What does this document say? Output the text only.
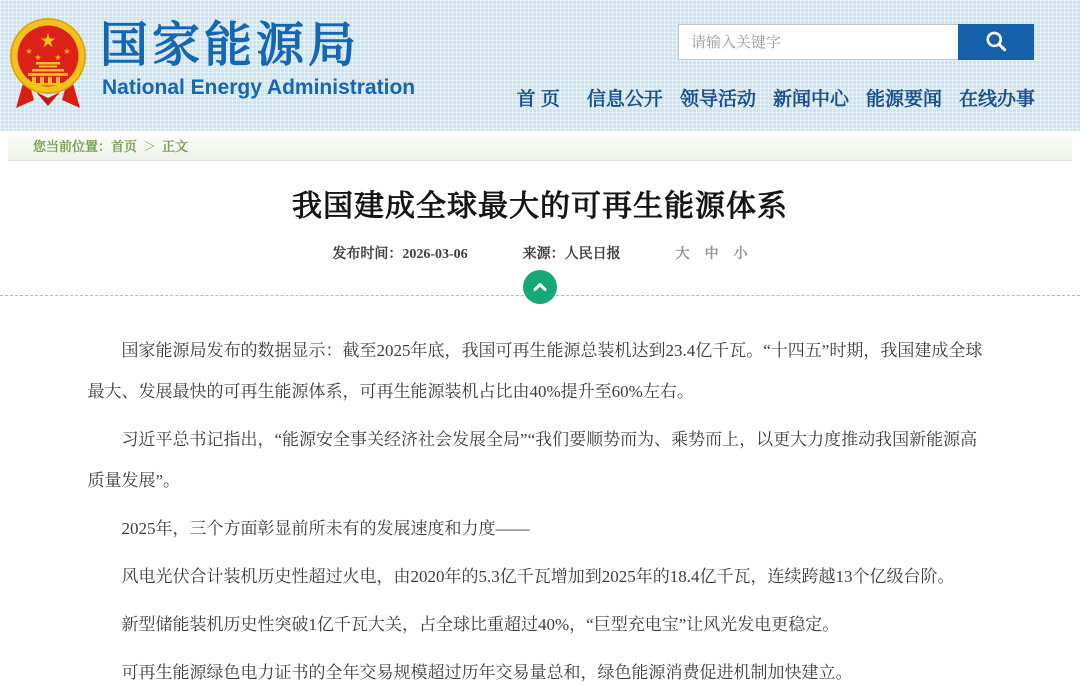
★
★
★ ★
★ 国家能源局
National Energy Administration
请输入关键字
首 页 信息公开 领导活动 新闻中心 能源要闻 在线办事
您当前位置： 首页 ＞ 正文
我国建成全球最大的可再生能源体系
发布时间：2026-03-06	来源：人民日报	大 中 小

国家能源局发布的数据显示：截至2025年底，我国可再生能源总装机达到23.4亿千瓦。“十四五”时期，我国建成全球最大、发展最快的可再生能源体系，可再生能源装机占比由40%提升至60%左右。

习近平总书记指出，“能源安全事关经济社会发展全局”“我们要顺势而为、乘势而上，以更大力度推动我国新能源高质量发展”。

2025年，三个方面彰显前所未有的发展速度和力度——

风电光伏合计装机历史性超过火电，由2020年的5.3亿千瓦增加到2025年的18.4亿千瓦，连续跨越13个亿级台阶。

新型储能装机历史性突破1亿千瓦大关，占全球比重超过40%，“巨型充电宝”让风光发电更稳定。

可再生能源绿色电力证书的全年交易规模超过历年交易量总和，绿色能源消费促进机制加快建立。
